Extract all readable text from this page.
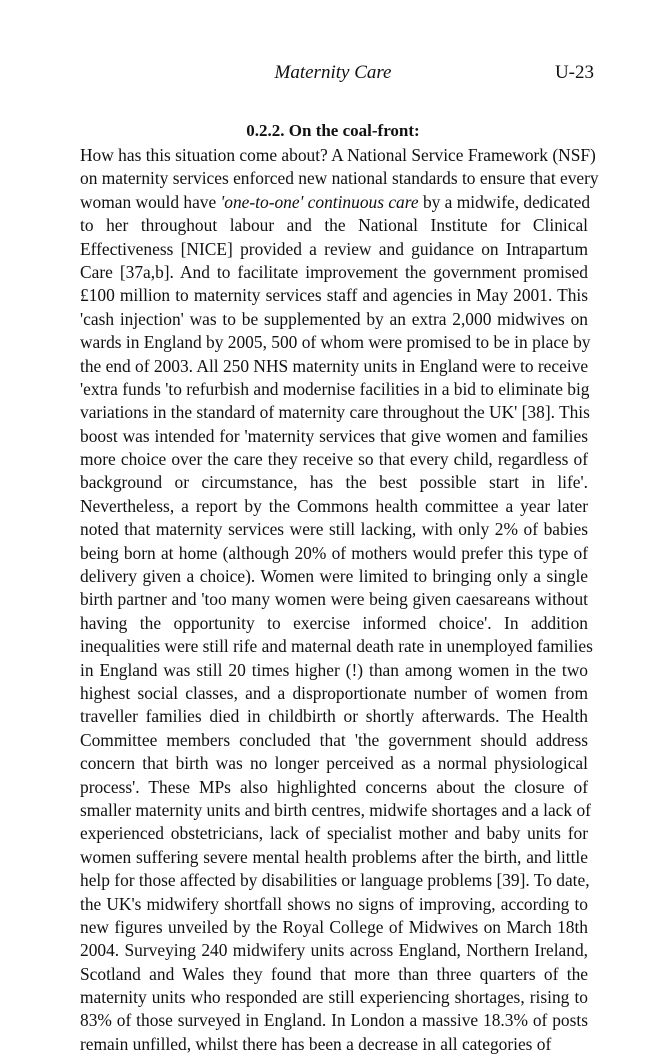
Maternity Care	U-23
0.2.2. On the coal-front:
How has this situation come about? A National Service Framework (NSF)
on maternity services enforced new national standards to ensure that every
woman would have 'one-to-one' continuous care by a midwife, dedicated
to her throughout labour and the National Institute for Clinical
Effectiveness [NICE] provided a review and guidance on Intrapartum
Care [37a,b]. And to facilitate improvement the government promised
£100 million to maternity services staff and agencies in May 2001. This
'cash injection' was to be supplemented by an extra 2,000 midwives on
wards in England by 2005, 500 of whom were promised to be in place by
the end of 2003. All 250 NHS maternity units in England were to receive
'extra funds 'to refurbish and modernise facilities in a bid to eliminate big
variations in the standard of maternity care throughout the UK' [38]. This
boost was intended for 'maternity services that give women and families
more choice over the care they receive so that every child, regardless of
background or circumstance, has the best possible start in life'.
Nevertheless, a report by the Commons health committee a year later
noted that maternity services were still lacking, with only 2% of babies
being born at home (although 20% of mothers would prefer this type of
delivery given a choice). Women were limited to bringing only a single
birth partner and 'too many women were being given caesareans without
having the opportunity to exercise informed choice'. In addition
inequalities were still rife and maternal death rate in unemployed families
in England was still 20 times higher (!) than among women in the two
highest social classes, and a disproportionate number of women from
traveller families died in childbirth or shortly afterwards. The Health
Committee members concluded that 'the government should address
concern that birth was no longer perceived as a normal physiological
process'. These MPs also highlighted concerns about the closure of
smaller maternity units and birth centres, midwife shortages and a lack of
experienced obstetricians, lack of specialist mother and baby units for
women suffering severe mental health problems after the birth, and little
help for those affected by disabilities or language problems [39]. To date,
the UK's midwifery shortfall shows no signs of improving, according to
new figures unveiled by the Royal College of Midwives on March 18th
2004. Surveying 240 midwifery units across England, Northern Ireland,
Scotland and Wales they found that more than three quarters of the
maternity units who responded are still experiencing shortages, rising to
83% of those surveyed in England. In London a massive 18.3% of posts
remain unfilled, whilst there has been a decrease in all categories of
